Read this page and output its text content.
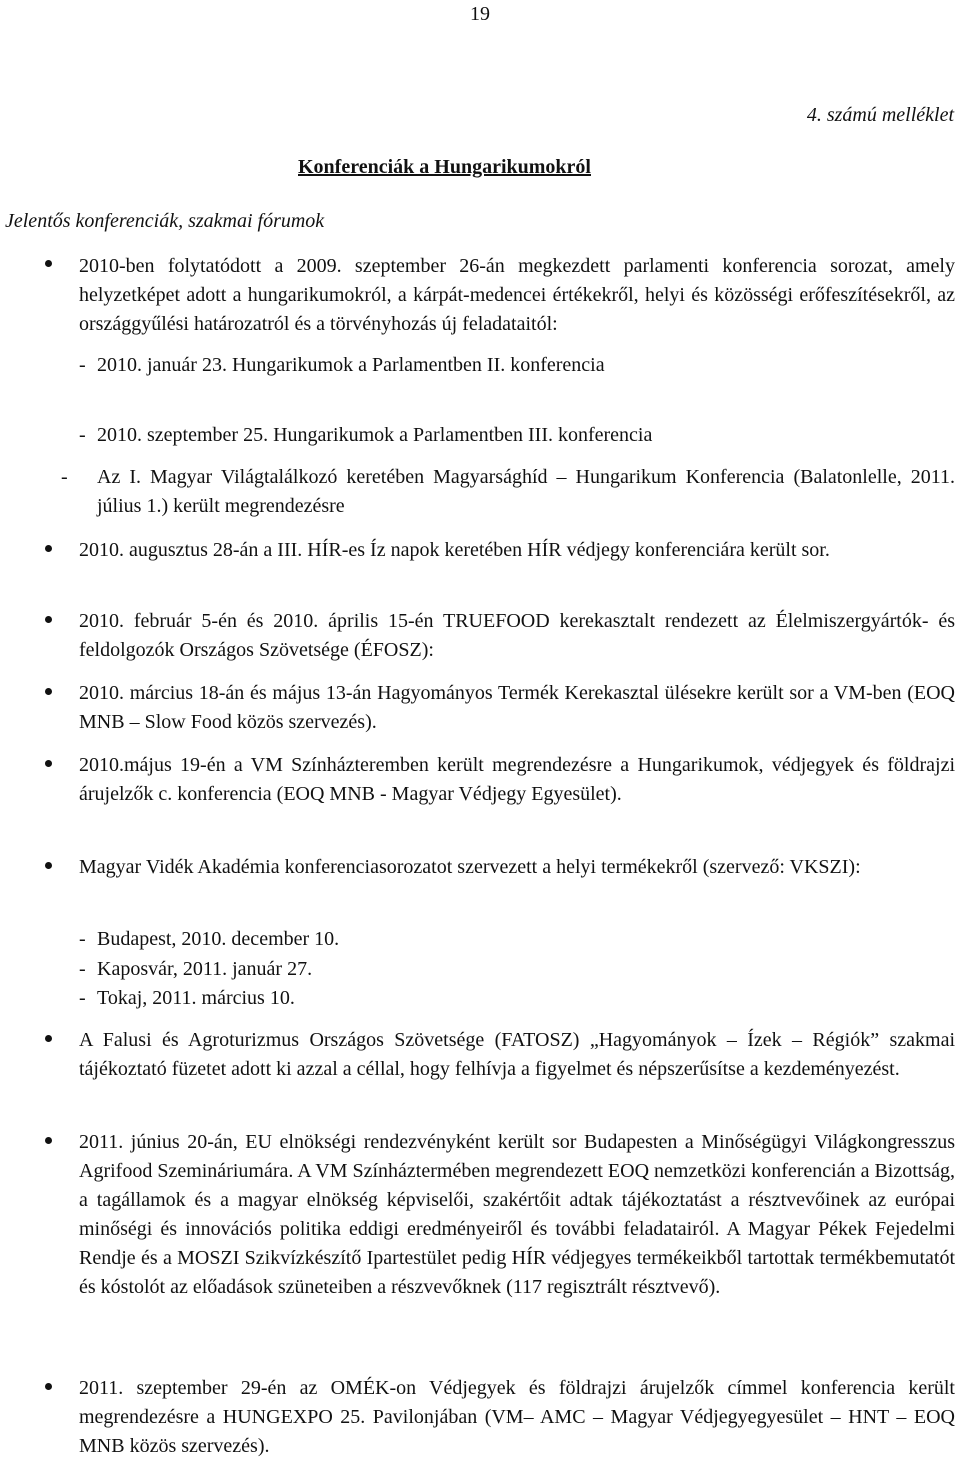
19
4. számú melléklet
Konferenciák a Hungarikumokról
Jelentős konferenciák, szakmai fórumok

2010-ben folytatódott a 2009. szeptember 26-án megkezdett parlamenti konferencia sorozat, amely helyzetképet adott a hungarikumokról, a kárpát-medencei értékekről, helyi és közösségi erőfeszítésekről, az országgyűlési határozatról és a törvényhozás új feladataitól:

- 2010. január 23. Hungarikumok a Parlamentben II. konferencia
- 2010. szeptember 25. Hungarikumok a Parlamentben III. konferencia
- Az I. Magyar Világtalálkozó keretében Magyarsághíd – Hungarikum Konferencia (Balatonlelle, 2011. július 1.) került megrendezésre

2010. augusztus 28-án a III. HÍR-es Íz napok keretében HÍR védjegy konferenciára került sor.

2010. február 5-én és 2010. április 15-én TRUEFOOD kerekasztalt rendezett az Élelmiszergyártók- és feldolgozók Országos Szövetsége (ÉFOSZ):

2010. március 18-án és május 13-án Hagyományos Termék Kerekasztal ülésekre került sor a VM-ben (EOQ MNB – Slow Food közös szervezés).

2010.május 19-én a VM Színházteremben került megrendezésre a Hungarikumok, védjegyek és földrajzi árujelzők c. konferencia (EOQ MNB - Magyar Védjegy Egyesület).

Magyar Vidék Akadémia konferenciasorozatot szervezett a helyi termékekről (szervező: VKSZI):

- Budapest, 2010. december 10.
- Kaposvár, 2011. január 27.
- Tokaj, 2011. március 10.

A Falusi és Agroturizmus Országos Szövetsége (FATOSZ) „Hagyományok – Ízek – Régiók” szakmai tájékoztató füzetet adott ki azzal a céllal, hogy felhívja a figyelmet és népszerűsítse a kezdeményezést.

2011. június 20-án, EU elnökségi rendezvényként került sor Budapesten a Minőségügyi Világkongresszus Agrifood Szemináriumára. A VM Színháztermében megrendezett EOQ nemzetközi konferencián a Bizottság, a tagállamok és a magyar elnökség képviselői, szakértőit adtak tájékoztatást a résztvevőinek az európai minőségi és innovációs politika eddigi eredményeiről és további feladatairól. A Magyar Pékek Fejedelmi Rendje és a MOSZI Szikvízkészítő Ipartestület pedig HÍR védjegyes termékeikből tartottak termékbemutatót és kóstolót az előadások szüneteiben a részvevőknek (117 regisztrált résztvevő).

2011. szeptember 29-én az OMÉK-on Védjegyek és földrajzi árujelzők címmel konferencia került megrendezésre a HUNGEXPO 25. Pavilonjában (VM– AMC – Magyar Védjegyegyesület – HNT – EOQ MNB közös szervezés).
